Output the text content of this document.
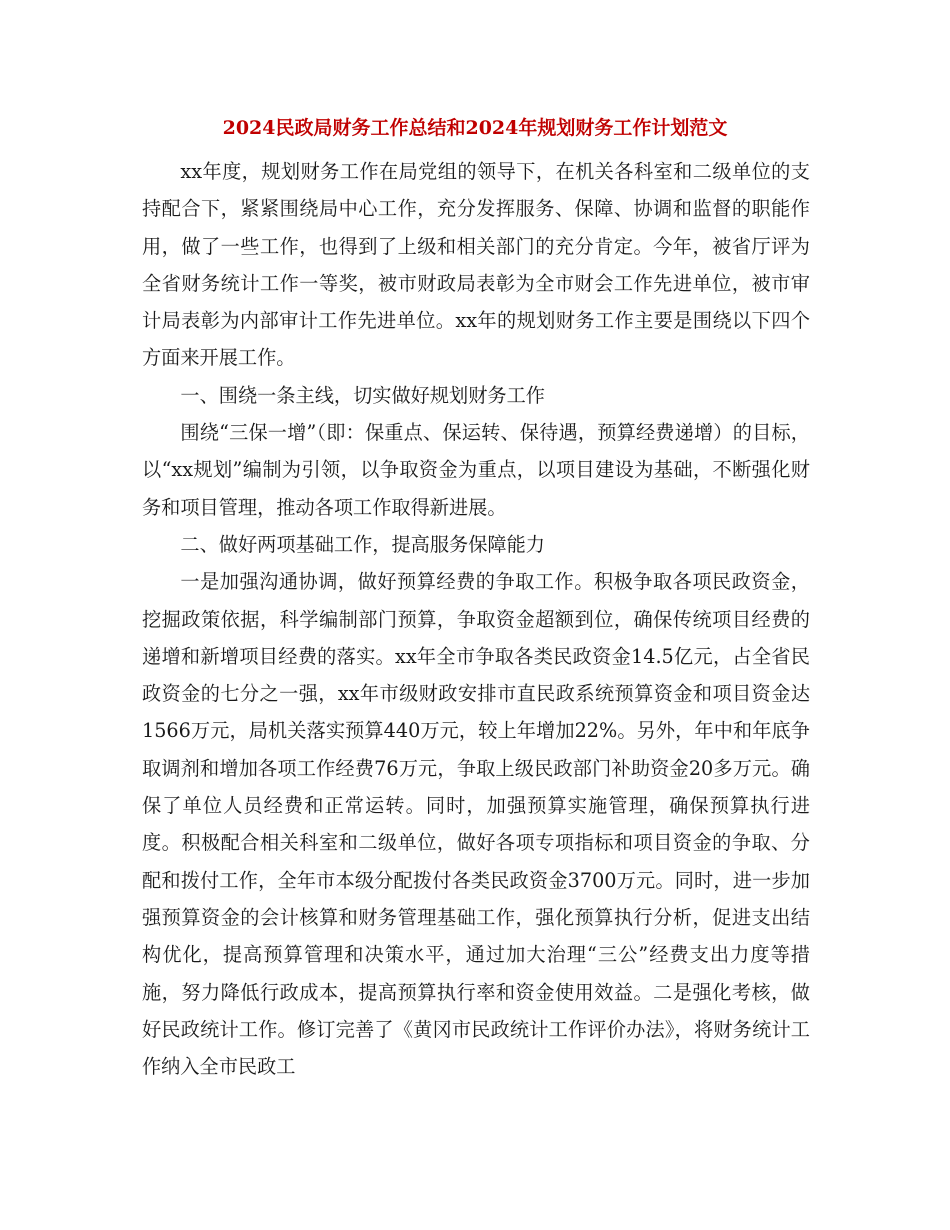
2024民政局财务工作总结和2024年规划财务工作计划范文

xx年度，规划财务工作在局党组的领导下，在机关各科室和二级单位的支持配合下，紧紧围绕局中心工作，充分发挥服务、保障、协调和监督的职能作用，做了一些工作，也得到了上级和相关部门的充分肯定。今年，被省厅评为全省财务统计工作一等奖，被市财政局表彰为全市财会工作先进单位，被市审计局表彰为内部审计工作先进单位。xx年的规划财务工作主要是围绕以下四个方面来开展工作。

一、围绕一条主线，切实做好规划财务工作

围绕“三保一增”（即：保重点、保运转、保待遇，预算经费递增）的目标，以“xx规划”编制为引领，以争取资金为重点，以项目建设为基础，不断强化财务和项目管理，推动各项工作取得新进展。

二、做好两项基础工作，提高服务保障能力

一是加强沟通协调，做好预算经费的争取工作。积极争取各项民政资金，挖掘政策依据，科学编制部门预算，争取资金超额到位，确保传统项目经费的递增和新增项目经费的落实。xx年全市争取各类民政资金14.5亿元，占全省民政资金的七分之一强，xx年市级财政安排市直民政系统预算资金和项目资金达1566万元，局机关落实预算440万元，较上年增加22%。另外，年中和年底争取调剂和增加各项工作经费76万元，争取上级民政部门补助资金20多万元。确保了单位人员经费和正常运转。同时，加强预算实施管理，确保预算执行进度。积极配合相关科室和二级单位，做好各项专项指标和项目资金的争取、分配和拨付工作，全年市本级分配拨付各类民政资金3700万元。同时，进一步加强预算资金的会计核算和财务管理基础工作，强化预算执行分析，促进支出结构优化，提高预算管理和决策水平，通过加大治理“三公”经费支出力度等措施，努力降低行政成本，提高预算执行率和资金使用效益。二是强化考核，做好民政统计工作。修订完善了《黄冈市民政统计工作评价办法》，将财务统计工作纳入全市民政工
